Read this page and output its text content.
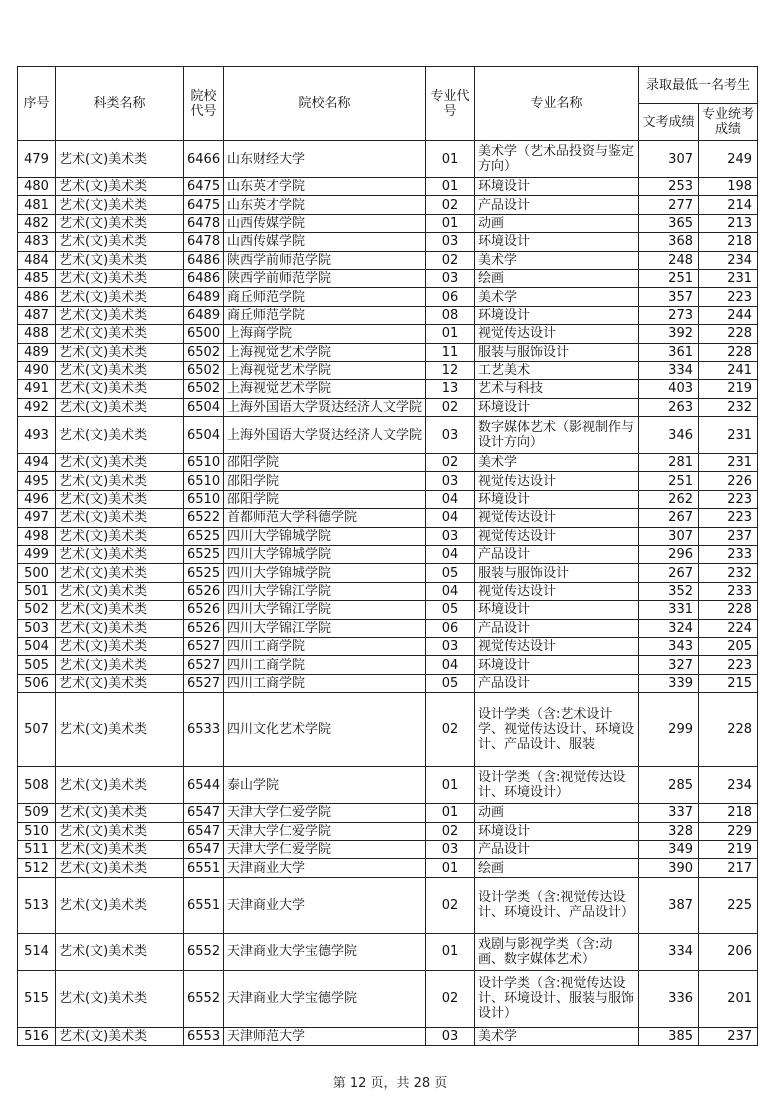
序号	科类名称	院校代号	院校名称	专业代号	专业名称	录取最低一名考生	
						文考成绩	专业统考成绩
479	艺术(文)美术类	6466	山东财经大学	01	美术学（艺术品投资与鉴定方向）	307	249
480	艺术(文)美术类	6475	山东英才学院	01	环境设计	253	198
481	艺术(文)美术类	6475	山东英才学院	02	产品设计	277	214
482	艺术(文)美术类	6478	山西传媒学院	01	动画	365	213
483	艺术(文)美术类	6478	山西传媒学院	03	环境设计	368	218
484	艺术(文)美术类	6486	陕西学前师范学院	02	美术学	248	234
485	艺术(文)美术类	6486	陕西学前师范学院	03	绘画	251	231
486	艺术(文)美术类	6489	商丘师范学院	06	美术学	357	223
487	艺术(文)美术类	6489	商丘师范学院	08	环境设计	273	244
488	艺术(文)美术类	6500	上海商学院	01	视觉传达设计	392	228
489	艺术(文)美术类	6502	上海视觉艺术学院	11	服装与服饰设计	361	228
490	艺术(文)美术类	6502	上海视觉艺术学院	12	工艺美术	334	241
491	艺术(文)美术类	6502	上海视觉艺术学院	13	艺术与科技	403	219
492	艺术(文)美术类	6504	上海外国语大学贤达经济人文学院	02	环境设计	263	232
493	艺术(文)美术类	6504	上海外国语大学贤达经济人文学院	03	数字媒体艺术（影视制作与设计方向）	346	231
494	艺术(文)美术类	6510	邵阳学院	02	美术学	281	231
495	艺术(文)美术类	6510	邵阳学院	03	视觉传达设计	251	226
496	艺术(文)美术类	6510	邵阳学院	04	环境设计	262	223
497	艺术(文)美术类	6522	首都师范大学科德学院	04	视觉传达设计	267	223
498	艺术(文)美术类	6525	四川大学锦城学院	03	视觉传达设计	307	237
499	艺术(文)美术类	6525	四川大学锦城学院	04	产品设计	296	233
500	艺术(文)美术类	6525	四川大学锦城学院	05	服装与服饰设计	267	232
501	艺术(文)美术类	6526	四川大学锦江学院	04	视觉传达设计	352	233
502	艺术(文)美术类	6526	四川大学锦江学院	05	环境设计	331	228
503	艺术(文)美术类	6526	四川大学锦江学院	06	产品设计	324	224
504	艺术(文)美术类	6527	四川工商学院	03	视觉传达设计	343	205
505	艺术(文)美术类	6527	四川工商学院	04	环境设计	327	223
506	艺术(文)美术类	6527	四川工商学院	05	产品设计	339	215
507	艺术(文)美术类	6533	四川文化艺术学院	02	设计学类（含:艺术设计学、视觉传达设计、环境设计、产品设计、服装	299	228
508	艺术(文)美术类	6544	泰山学院	01	设计学类（含:视觉传达设计、环境设计）	285	234
509	艺术(文)美术类	6547	天津大学仁爱学院	01	动画	337	218
510	艺术(文)美术类	6547	天津大学仁爱学院	02	环境设计	328	229
511	艺术(文)美术类	6547	天津大学仁爱学院	03	产品设计	349	219
512	艺术(文)美术类	6551	天津商业大学	01	绘画	390	217
513	艺术(文)美术类	6551	天津商业大学	02	设计学类（含:视觉传达设计、环境设计、产品设计）	387	225
514	艺术(文)美术类	6552	天津商业大学宝德学院	01	戏剧与影视学类（含:动画、数字媒体艺术）	334	206
515	艺术(文)美术类	6552	天津商业大学宝德学院	02	设计学类（含:视觉传达设计、环境设计、服装与服饰设计）	336	201
516	艺术(文)美术类	6553	天津师范大学	03	美术学	385	237
第 12 页，共 28 页
